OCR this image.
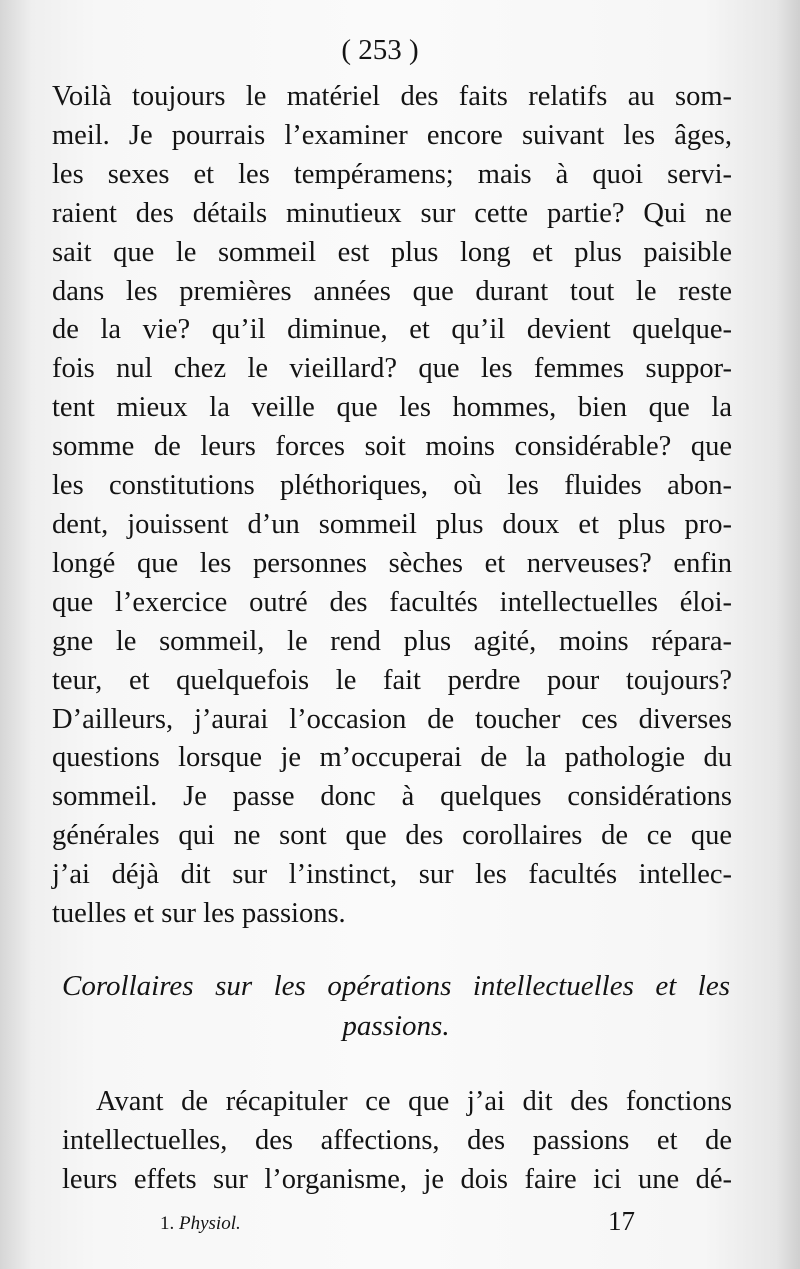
( 253 )
Voilà toujours le matériel des faits relatifs au som-
meil. Je pourrais l’examiner encore suivant les âges,
les sexes et les tempéramens; mais à quoi servi-
raient des détails minutieux sur cette partie? Qui ne
sait que le sommeil est plus long et plus paisible
dans les premières années que durant tout le reste
de la vie? qu’il diminue, et qu’il devient quelque-
fois nul chez le vieillard? que les femmes suppor-
tent mieux la veille que les hommes, bien que la
somme de leurs forces soit moins considérable? que
les constitutions pléthoriques, où les fluides abon-
dent, jouissent d’un sommeil plus doux et plus pro-
longé que les personnes sèches et nerveuses? enfin
que l’exercice outré des facultés intellectuelles éloi-
gne le sommeil, le rend plus agité, moins répara-
teur, et quelquefois le fait perdre pour toujours?
D’ailleurs, j’aurai l’occasion de toucher ces diverses
questions lorsque je m’occuperai de la pathologie du
sommeil. Je passe donc à quelques considérations
générales qui ne sont que des corollaires de ce que
j’ai déjà dit sur l’instinct, sur les facultés intellec-
tuelles et sur les passions.
Corollaires sur les opérations intellectuelles et les
passions.
Avant de récapituler ce que j’ai dit des fonctions
intellectuelles, des affections, des passions et de
leurs effets sur l’organisme, je dois faire ici une dé-
1. Physiol.	17
